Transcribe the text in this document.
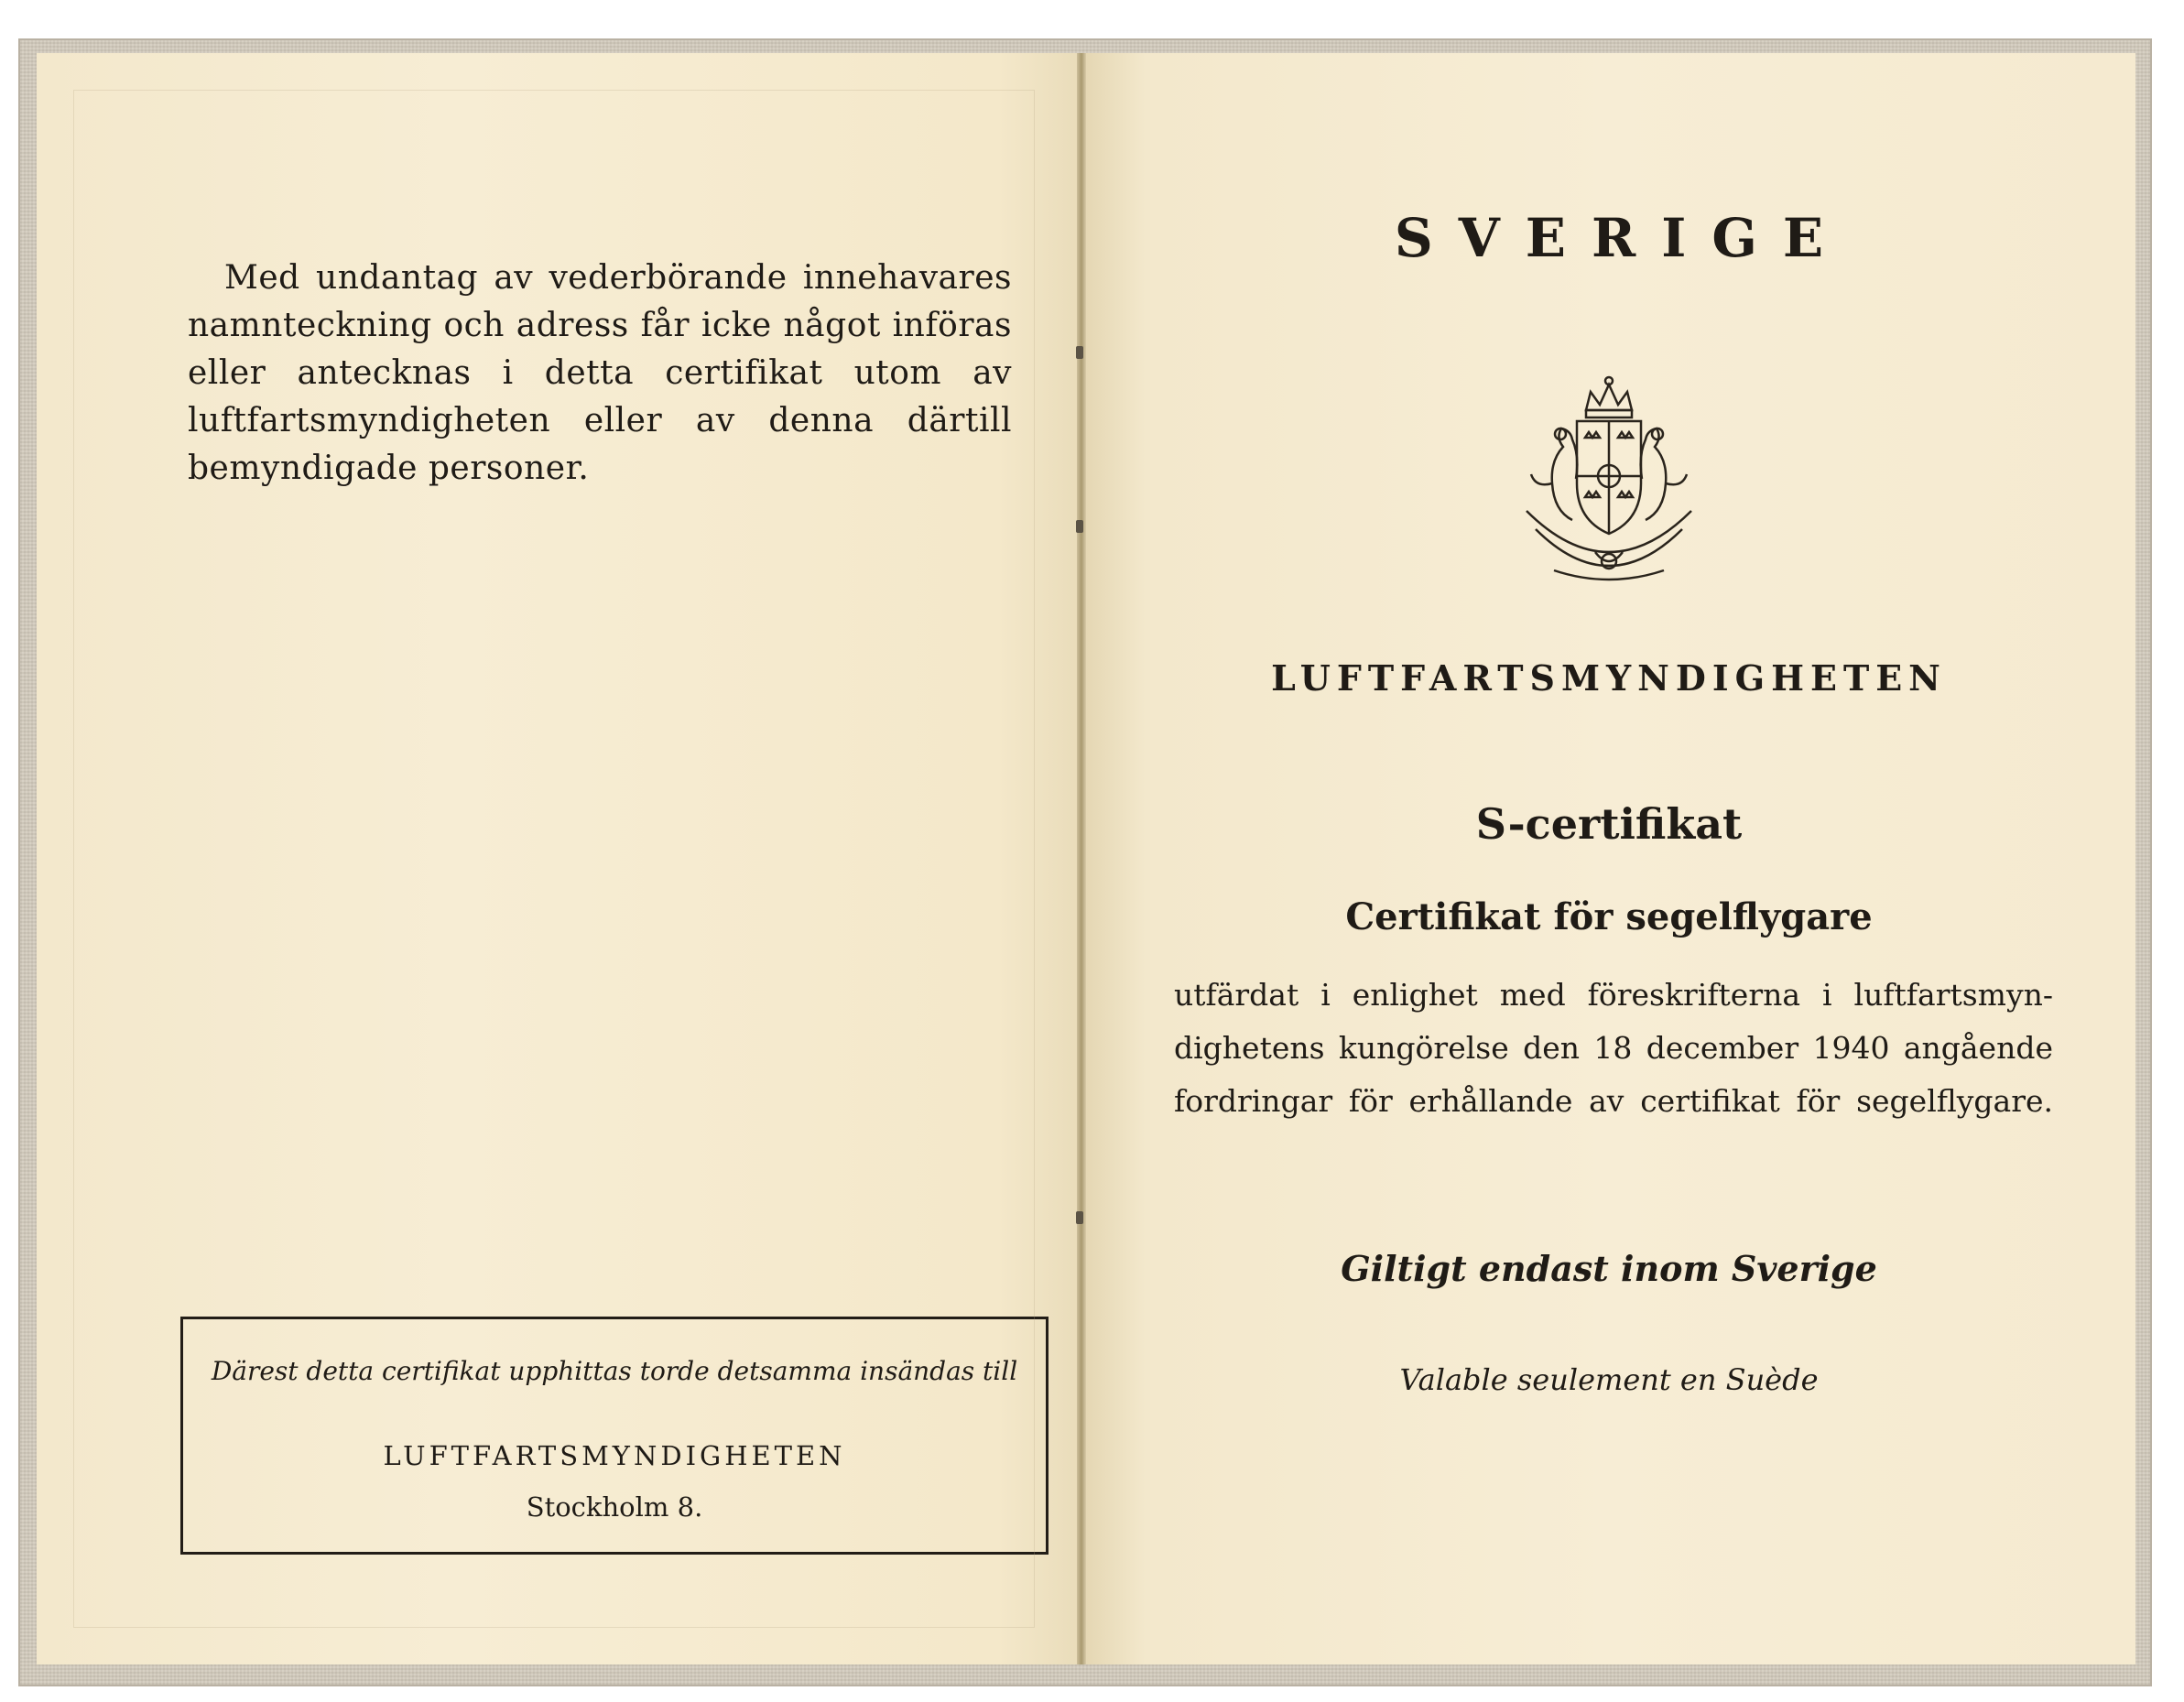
Med undantag av vederbörande innehavares namnteckning och adress får icke något införas eller antecknas i detta certifikat utom av luftfartsmyndigheten eller av denna därtill bemyndigade personer.

Därest detta certifikat upphittas torde detsamma insändas till
LUFTFARTSMYNDIGHETEN
Stockholm 8.
SVERIGE
LUFTFARTSMYNDIGHETEN
S-certifikat
Certifikat för segelflygare

utfärdat i enlighet med föreskrifterna i luftfartsmyn-
dighetens kungörelse den 18 december 1940 angående
fordringar för erhållande av certifikat för segelflygare.

Giltigt endast inom Sverige

Valable seulement en Suède
